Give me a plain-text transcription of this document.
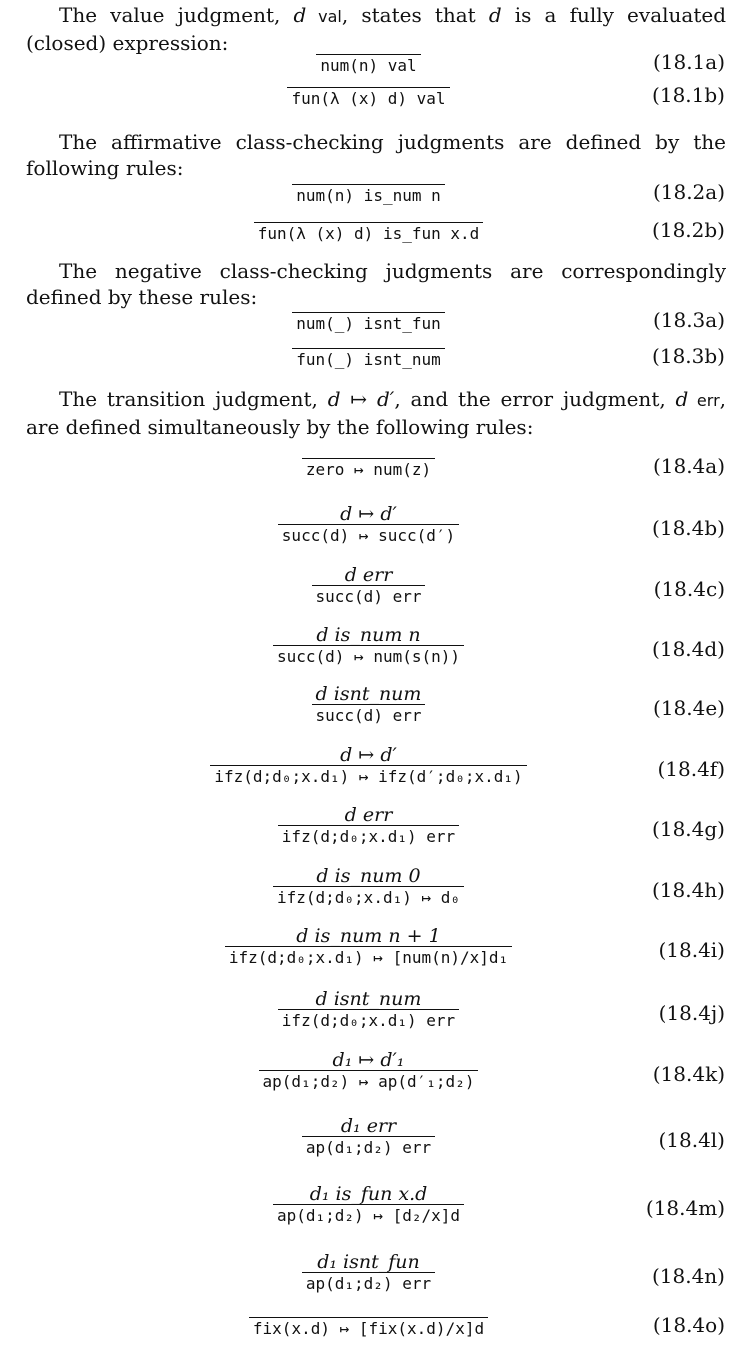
The value judgment, d val, states that d is a fully evaluated (closed) expression:
The affirmative class-checking judgments are defined by the following rules:
The negative class-checking judgments are correspondingly defined by these rules:
The transition judgment, d ↦ d′, and the error judgment, d err, are defined simultaneously by the following rules:
num(n) val	(18.1a)
fun(λ (x) d) val	(18.1b)
num(n) is_num n	(18.2a)
fun(λ (x) d) is_fun x.d	(18.2b)
num(_) isnt_fun	(18.3a)
fun(_) isnt_num	(18.3b)
zero ↦ num(z)	(18.4a)
$\frac{d ↦ d'}{\text{succ(d) ↦ succ(d′)}}$	(18.4b)
$\frac{\text{d err}}{\text{succ(d) err}}$	(18.4c)
$\frac{\text{d is\_num n}}{\text{succ(d) ↦ num(s(n))}}$	(18.4d)
$\frac{\text{d isnt\_num}}{\text{succ(d) err}}$	(18.4e)
$\frac{d ↦ d'}{\text{ifz(d;d₀;x.d₁) ↦ ifz(d′;d₀;x.d₁)}}$	(18.4f)
$\frac{\text{d err}}{\text{ifz(d;d₀;x.d₁) err}}$	(18.4g)
$\frac{\text{d is\_num 0}}{\text{ifz(d;d₀;x.d₁) ↦ d₀}}$	(18.4h)
$\frac{\text{d is\_num n + 1}}{\text{ifz(d;d₀;x.d₁) ↦ [num(n)/x]d₁}}$	(18.4i)
$\frac{\text{d isnt\_num}}{\text{ifz(d;d₀;x.d₁) err}}$	(18.4j)
$\frac{\text{d₁ ↦ d′₁}}{\text{ap(d₁;d₂) ↦ ap(d′₁;d₂)}}$	(18.4k)
$\frac{\text{d₁ err}}{\text{ap(d₁;d₂) err}}$	(18.4l)
$\frac{\text{d₁ is\_fun x.d}}{\text{ap(d₁;d₂) ↦ [d₂/x]d}}$	(18.4m)
$\frac{\text{d₁ isnt\_fun}}{\text{ap(d₁;d₂) err}}$	(18.4n)
fix(x.d) ↦ [fix(x.d)/x]d	(18.4o)
